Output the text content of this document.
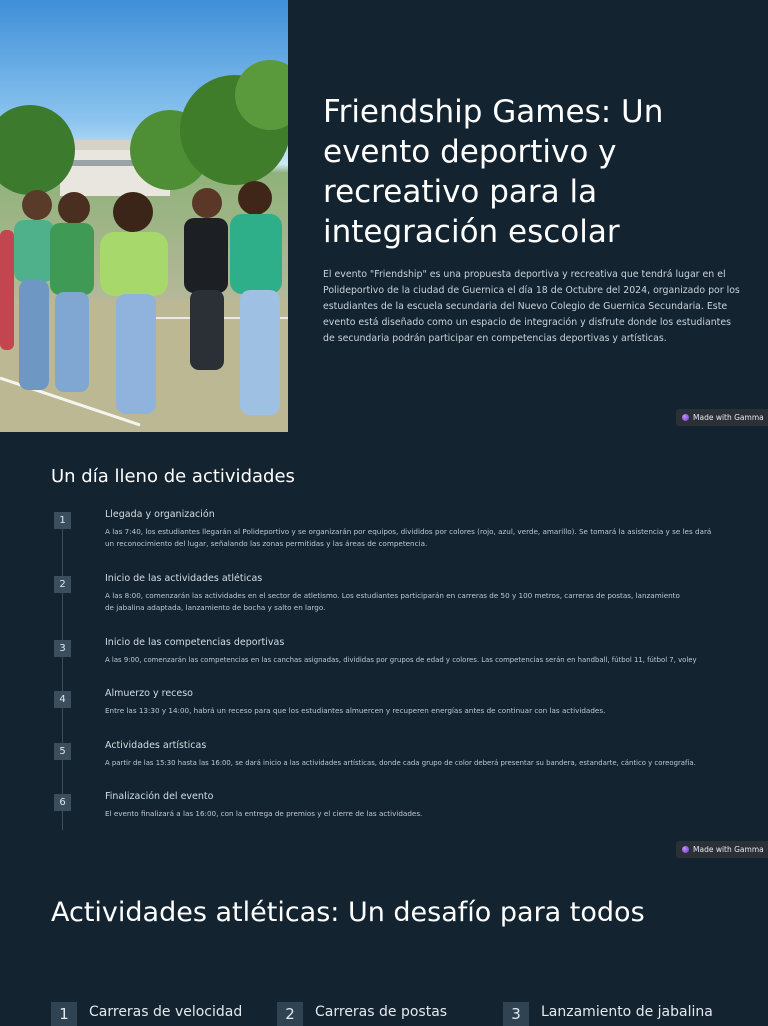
Friendship Games: Un evento deportivo y recreativo para la integración escolar

El evento "Friendship" es una propuesta deportiva y recreativa que tendrá lugar en el Polideportivo de la ciudad de Guernica el día 18 de Octubre del 2024, organizado por los estudiantes de la escuela secundaria del Nuevo Colegio de Guernica Secundaria. Este evento está diseñado como un espacio de integración y disfrute donde los estudiantes de secundaria podrán participar en competencias deportivas y artísticas.

Made with Gamma
Un día lleno de actividades
1
Llegada y organización

A las 7:40, los estudiantes llegarán al Polideportivo y se organizarán por equipos, divididos por colores (rojo, azul, verde, amarillo). Se tomará la asistencia y se les dará un reconocimiento del lugar, señalando las zonas permitidas y las áreas de competencia.

2
Inicio de las actividades atléticas

A las 8:00, comenzarán las actividades en el sector de atletismo. Los estudiantes participarán en carreras de 50 y 100 metros, carreras de postas, lanzamiento de jabalina adaptada, lanzamiento de bocha y salto en largo.

3
Inicio de las competencias deportivas

A las 9:00, comenzarán las competencias en las canchas asignadas, divididas por grupos de edad y colores. Las competencias serán en handball, fútbol 11, fútbol 7, voley

4
Almuerzo y receso

Entre las 13:30 y 14:00, habrá un receso para que los estudiantes almuercen y recuperen energías antes de continuar con las actividades.

5
Actividades artísticas

A partir de las 15:30 hasta las 16:00, se dará inicio a las actividades artísticas, donde cada grupo de color deberá presentar su bandera, estandarte, cántico y coreografía.

6
Finalización del evento

El evento finalizará a las 16:00, con la entrega de premios y el cierre de las actividades.

Made with Gamma
Actividades atléticas: Un desafío para todos
1	Carreras de velocidad	2	Carreras de postas	3	Lanzamiento de jabalina
